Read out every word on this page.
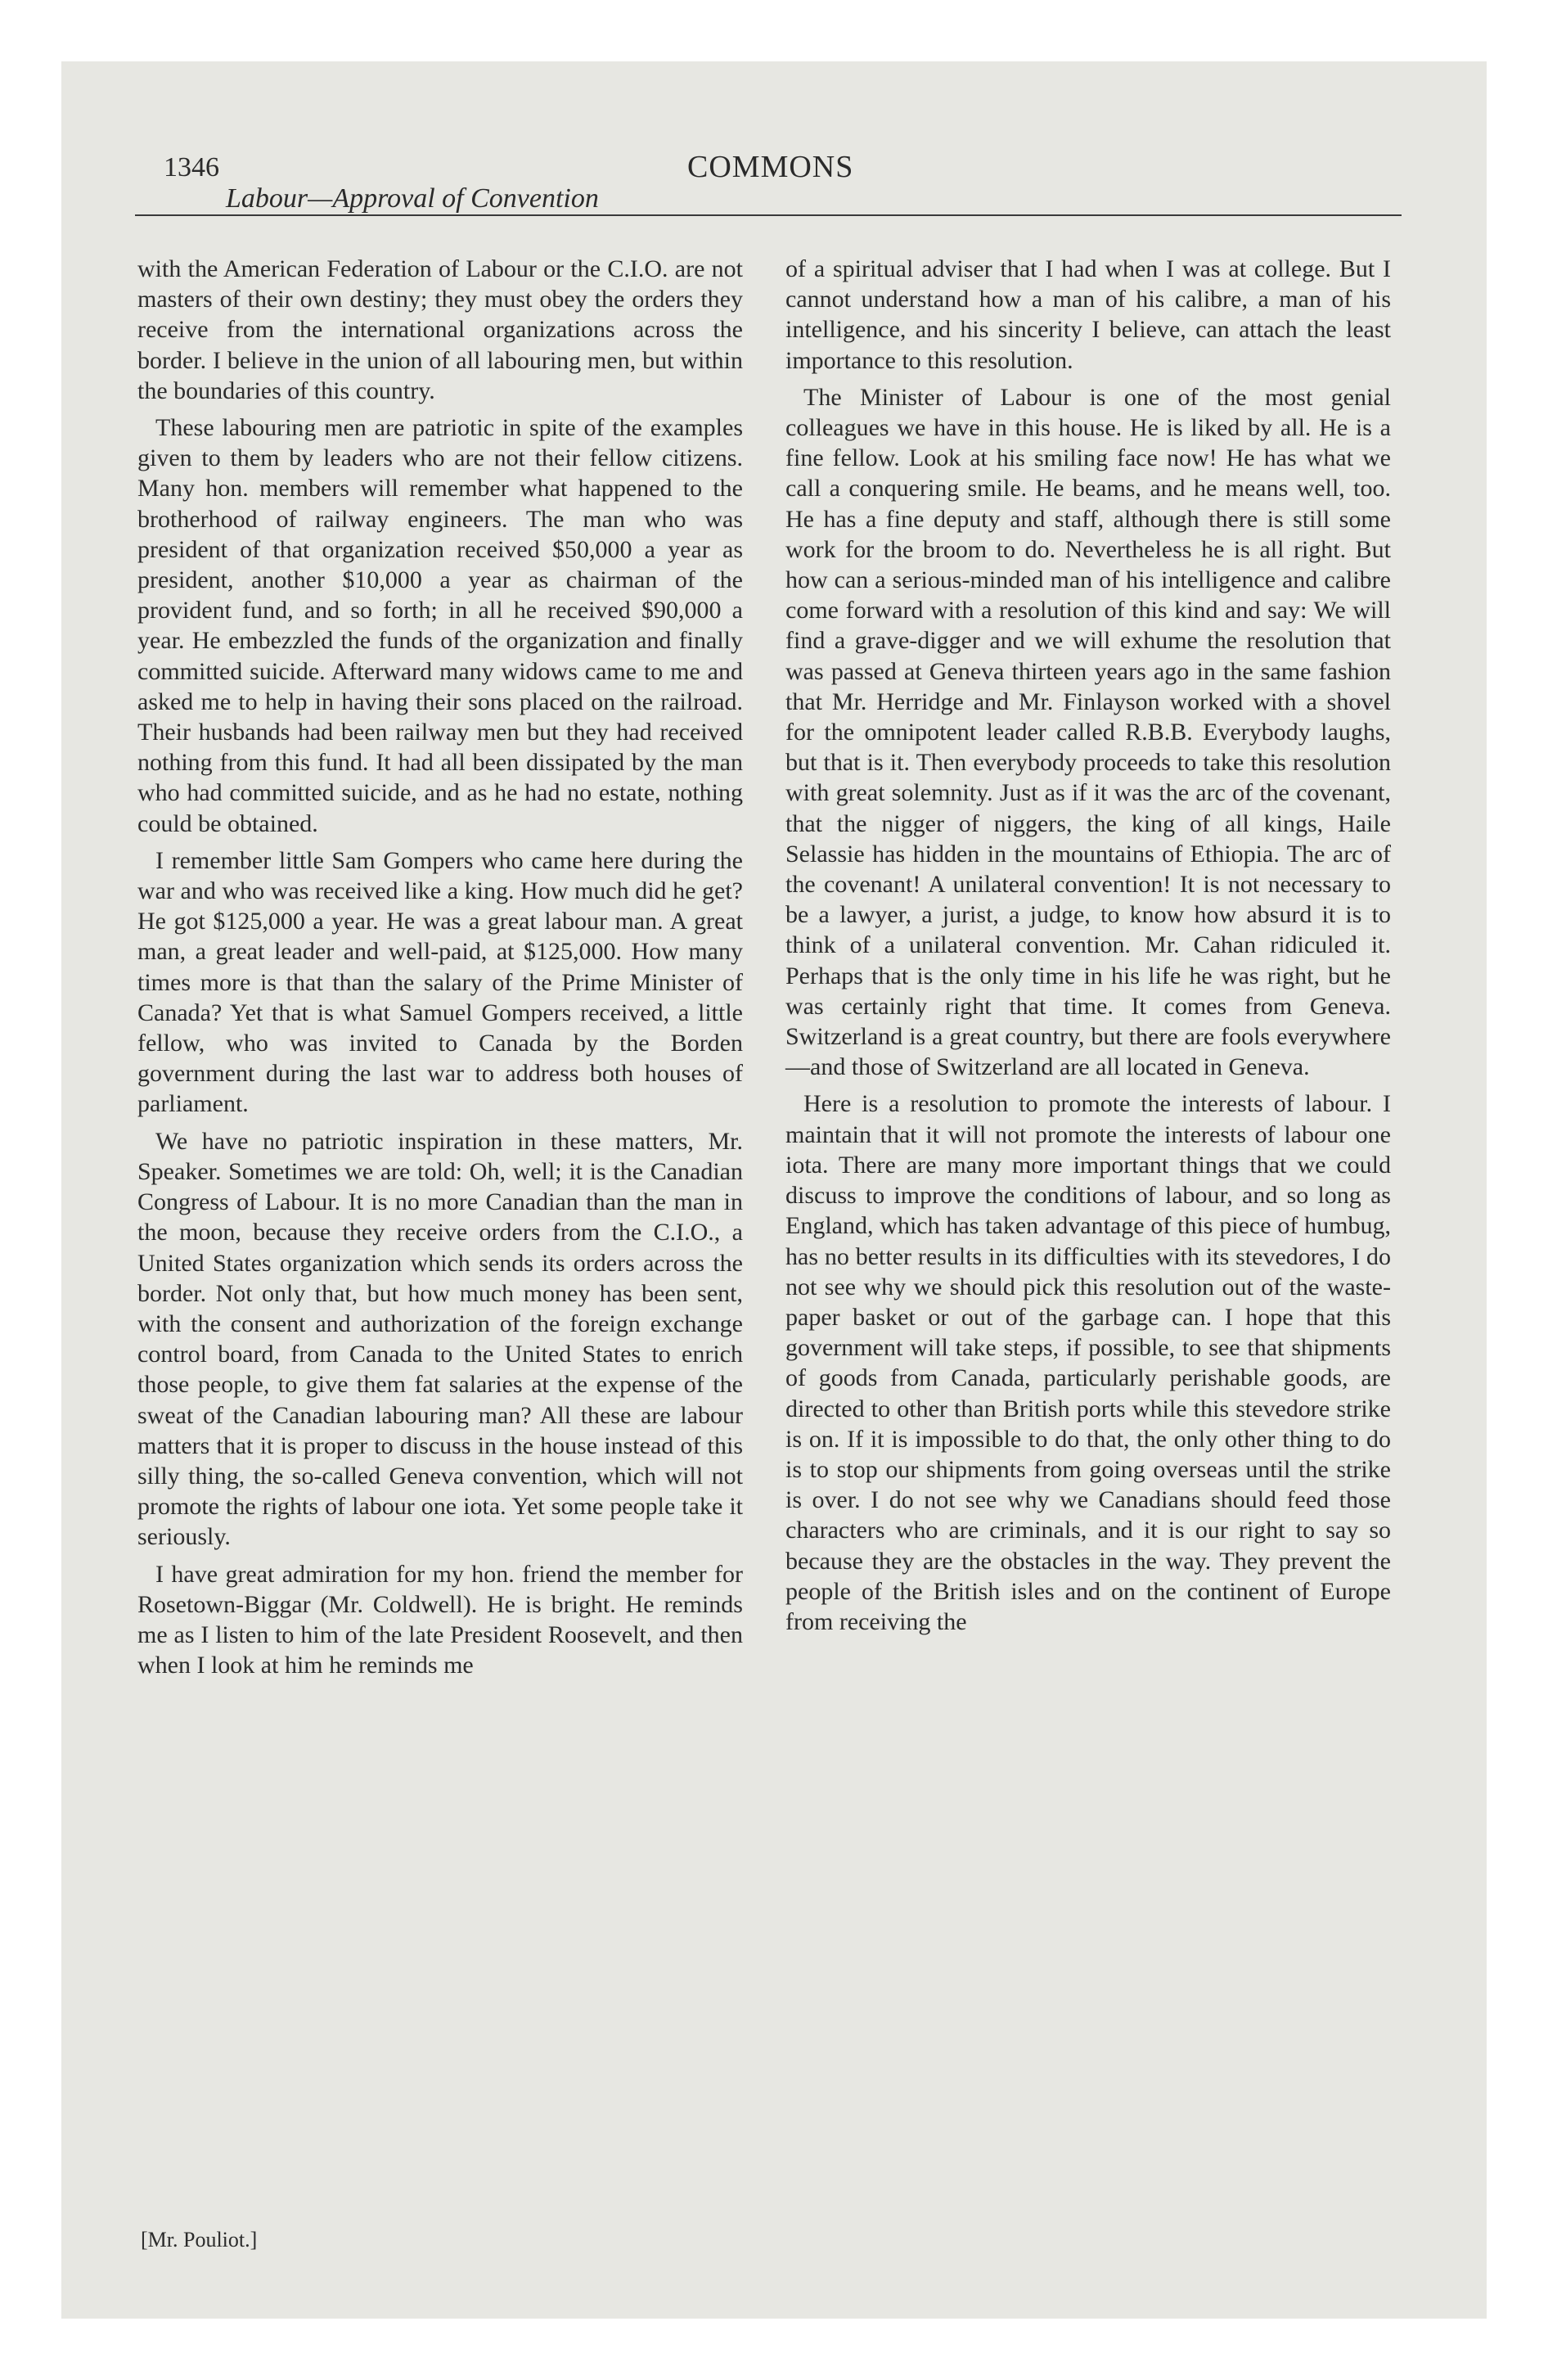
1346	COMMONS
Labour—Approval of Convention

with the American Federation of Labour or the C.I.O. are not masters of their own destiny; they must obey the orders they receive from the international organizations across the border. I believe in the union of all labouring men, but within the boundaries of this country.

These labouring men are patriotic in spite of the examples given to them by leaders who are not their fellow citizens. Many hon. members will remember what happened to the brotherhood of railway engineers. The man who was president of that organization received $50,000 a year as president, another $10,000 a year as chairman of the provident fund, and so forth; in all he received $90,000 a year. He embezzled the funds of the organization and finally committed suicide. Afterward many widows came to me and asked me to help in having their sons placed on the railroad. Their husbands had been railway men but they had received nothing from this fund. It had all been dissipated by the man who had committed suicide, and as he had no estate, nothing could be obtained.

I remember little Sam Gompers who came here during the war and who was received like a king. How much did he get? He got $125,000 a year. He was a great labour man. A great man, a great leader and well-paid, at $125,000. How many times more is that than the salary of the Prime Minister of Canada? Yet that is what Samuel Gompers received, a little fellow, who was invited to Canada by the Borden government during the last war to address both houses of parliament.

We have no patriotic inspiration in these matters, Mr. Speaker. Sometimes we are told: Oh, well; it is the Canadian Congress of Labour. It is no more Canadian than the man in the moon, because they receive orders from the C.I.O., a United States organization which sends its orders across the border. Not only that, but how much money has been sent, with the consent and authorization of the foreign exchange control board, from Canada to the United States to enrich those people, to give them fat salaries at the expense of the sweat of the Canadian labouring man? All these are labour matters that it is proper to discuss in the house instead of this silly thing, the so-called Geneva convention, which will not promote the rights of labour one iota. Yet some people take it seriously.

I have great admiration for my hon. friend the member for Rosetown-Biggar (Mr. Coldwell). He is bright. He reminds me as I listen to him of the late President Roosevelt, and then when I look at him he reminds me

of a spiritual adviser that I had when I was at college. But I cannot understand how a man of his calibre, a man of his intelligence, and his sincerity I believe, can attach the least importance to this resolution.

The Minister of Labour is one of the most genial colleagues we have in this house. He is liked by all. He is a fine fellow. Look at his smiling face now! He has what we call a conquering smile. He beams, and he means well, too. He has a fine deputy and staff, although there is still some work for the broom to do. Nevertheless he is all right. But how can a serious-minded man of his intelligence and calibre come forward with a resolution of this kind and say: We will find a grave-digger and we will exhume the resolution that was passed at Geneva thirteen years ago in the same fashion that Mr. Herridge and Mr. Finlayson worked with a shovel for the omnipotent leader called R.B.B. Everybody laughs, but that is it. Then everybody proceeds to take this resolution with great solemnity. Just as if it was the arc of the covenant, that the nigger of niggers, the king of all kings, Haile Selassie has hidden in the mountains of Ethiopia. The arc of the covenant! A unilateral convention! It is not necessary to be a lawyer, a jurist, a judge, to know how absurd it is to think of a unilateral convention. Mr. Cahan ridiculed it. Perhaps that is the only time in his life he was right, but he was certainly right that time. It comes from Geneva. Switzerland is a great country, but there are fools everywhere—and those of Switzerland are all located in Geneva.

Here is a resolution to promote the interests of labour. I maintain that it will not promote the interests of labour one iota. There are many more important things that we could discuss to improve the conditions of labour, and so long as England, which has taken advantage of this piece of humbug, has no better results in its difficulties with its stevedores, I do not see why we should pick this resolution out of the waste-paper basket or out of the garbage can. I hope that this government will take steps, if possible, to see that shipments of goods from Canada, particularly perishable goods, are directed to other than British ports while this stevedore strike is on. If it is impossible to do that, the only other thing to do is to stop our shipments from going overseas until the strike is over. I do not see why we Canadians should feed those characters who are criminals, and it is our right to say so because they are the obstacles in the way. They prevent the people of the British isles and on the continent of Europe from receiving the

[Mr. Pouliot.]
